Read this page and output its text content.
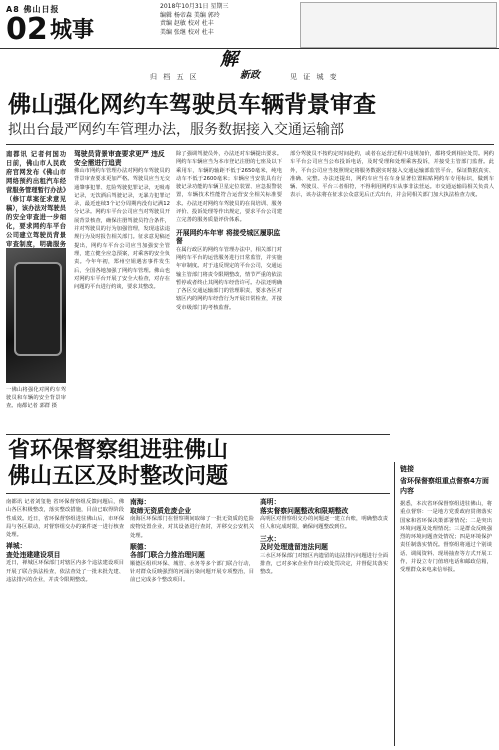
A8 佛山日报
02 城事
2018年10月31日 星期三
编辑 杨帝森 美编 郭玲
责编 赵敏 校对 杜丰
美编 张继 校对 杜丰
解
新政
归 档 五 区	见 证 城 变
佛山强化网约车驾驶员车辆背景审查
拟出台最严网约车管理办法，服务数据接入交通运输部
南都讯 记者何国功 日前，佛山市人民政府官网发布《佛山市网络预约出租汽车经营服务管理暂行办法》（修订草案征求意见稿），该办法对驾驶员的安全审查进一步细化，要求网约车平台公司建立驾驶员背景审查制度，明确服务
一佛山将强化对网约车驾驶员和车辆的安全背景审查。南都记者 郭群 摄
驾驶员背景审查要求更严 违反安全需进行追责
佛山市网约车管理办法对网约车驾驶员的背景审查要求更加严格。驾驶员应当无交通肇事犯罪、危险驾驶犯罪记录，无吸毒记录，无饮酒后驾驶记录，无暴力犯罪记录，最近连续3个记分周期内没有记满12分记录。网约车平台公司应当对驾驶员开展背景核查，确保注册驾驶员符合条件，并对驾驶员的行为加强管理，发现违法违规行为及时报告相关部门。征求意见稿还提出，网约车平台公司应当加强安全管理，建立健全应急预案，对乘客的安全负责。今年年初，郑州空姐遇害事件发生后，全国各地加强了网约车管理。佛山也对网约车平台开展了安全大检查，对存在问题的平台进行约谈，要求其整改。
除了强调驾驶员外，办法还对车辆提出要求。网约车车辆应当为本市登记注册的七座及以下乘用车，车辆的轴距不低于2650毫米，纯电动车不低于2600毫米；车辆应当安装具有行驶记录功能的车辆卫星定位装置、应急报警装置，车辆技术性能符合运营安全相关标准要求。办法还对网约车驾驶员的在岗培训、服务评价、投诉处理等作出规定，要求平台公司建立完善的服务质量评价体系。
开展网约车年审 将接受城区履职监督
在属行政区的网约车管理办法中，相关部门对网约车平台的运营服务进行日常监管，并实施年审制度。对于违反规定的平台公司，交通运输主管部门将责令限期整改，情节严重的依法暂停或者终止其网约车经营许可。办法还明确了各区交通运输部门的管理职责，要求各区对辖区内的网约车经营行为开展日常检查，并接受市级部门的考核监督。
部分驾驶员不按约定时间赴约，或者在运营过程中违规加价，都将受到相应处罚。网约车平台公司应当公布投诉电话，及时受理和处理乘客投诉，并接受主管部门监督。此外，平台公司应当按照规定将服务数据实时接入交通运输部监管平台，保证数据真实、准确、完整。办法还提出，网约车应当在车身显著位置粘贴网约车专用标识，做到车辆、驾驶员、平台三者相符，不得利用网约车从事非法营运。市交通运输局相关负责人表示，该办法将在征求公众意见后正式出台，并会同相关部门加大执法检查力度。
省环保督察组进驻佛山
佛山五区及时整改问题
南都讯 记者刘玺艳 省环保督察组反馈问题后，佛山各区积极整改，落实整改措施，目前已取得阶段性成效。近日，省环保督察组进驻佛山后，市环保局与各区联动，对督察组交办的案件逐一进行核查处理。
禅城：
查处违建建设项目
近日，禅城区环保部门对辖区内多个违法建设项目开展了联合执法检查，依法查处了一批未批先建、违法排污的企业，并责令限期整改。
南海：
取缔无资质危废企业
南海区环保部门在督察期间取缔了一批无资质的危险废物处置企业，对其设备进行查封，并移交公安机关处理。
顺德：
各部门联合力推治理问题
顺德区组织环保、城管、水务等多个部门联合行动，针对群众反映强烈的河涌污染问题开展专项整治，目前已完成多个整改项目。
高明：
落实督察问题整改和限期整改
高明区对督察组交办的问题逐一建立台账，明确整改责任人和完成时限，确保问题整改到位。
三水：
及时处理遗留违法问题
三水区环保部门对辖区内遗留的违法排污问题进行全面排查，已对多家企业作出行政处罚决定，并督促其落实整改。
链接
省环保督察组重点督察4方面内容
据悉，本次省环保督察组进驻佛山，将重点督察：一是地方党委政府贯彻落实国家和省环保决策部署情况；二是突出环境问题及处理情况；三是群众反映强烈的环境问题查处情况；四是环境保护责任制落实情况。督察组将通过个别谈话、调阅资料、现场抽查等方式开展工作，并设立专门值班电话和邮政信箱，受理群众来电来信举报。
